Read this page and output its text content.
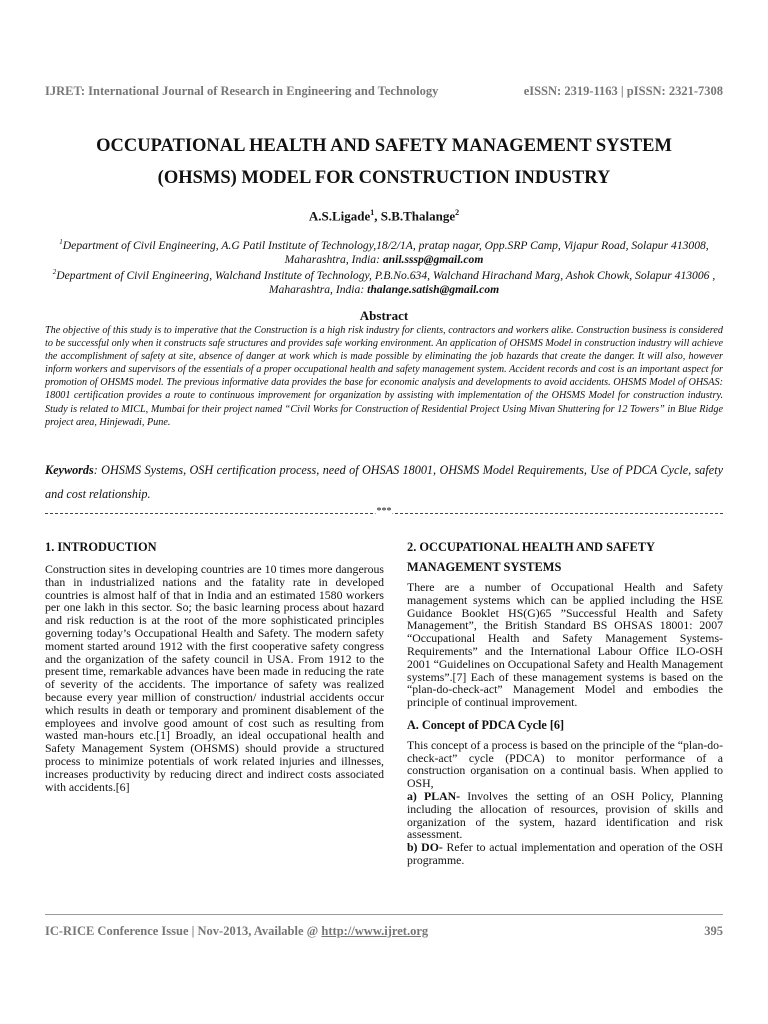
IJRET: International Journal of Research in Engineering and Technology	eISSN: 2319-1163 | pISSN: 2321-7308
OCCUPATIONAL HEALTH AND SAFETY MANAGEMENT SYSTEM
(OHSMS) MODEL FOR CONSTRUCTION INDUSTRY
A.S.Ligade$^1$, S.B.Thalange$^2$
$^1$Department of Civil Engineering, A.G Patil Institute of Technology,18/2/1A, pratap nagar, Opp.SRP Camp, Vijapur Road, Solapur 413008, Maharashtra, India: anil.sssp@gmail.com
$^2$Department of Civil Engineering, Walchand Institute of Technology, P.B.No.634, Walchand Hirachand Marg, Ashok Chowk, Solapur 413006 , Maharashtra, India: thalange.satish@gmail.com
Abstract
The objective of this study is to imperative that the Construction is a high risk industry for clients, contractors and workers alike. Construction business is considered to be successful only when it constructs safe structures and provides safe working environment. An application of OHSMS Model in construction industry will achieve the accomplishment of safety at site, absence of danger at work which is made possible by eliminating the job hazards that create the danger. It will also, however inform workers and supervisors of the essentials of a proper occupational health and safety management system. Accident records and cost is an important aspect for promotion of OHSMS model. The previous informative data provides the base for economic analysis and developments to avoid accidents. OHSMS Model of OHSAS: 18001 certification provides a route to continuous improvement for organization by assisting with implementation of the OHSMS Model for construction industry. Study is related to MICL, Mumbai for their project named “Civil Works for Construction of Residential Project Using Mivan Shuttering for 12 Towers” in Blue Ridge project area, Hinjewadi, Pune.
Keywords: OHSMS Systems, OSH certification process, need of OHSAS 18001, OHSMS Model Requirements, Use of PDCA Cycle, safety and cost relationship.
***
1. INTRODUCTION

Construction sites in developing countries are 10 times more dangerous than in industrialized nations and the fatality rate in developed countries is almost half of that in India and an estimated 1580 workers per one lakh in this sector. So; the basic learning process about hazard and risk reduction is at the root of the more sophisticated principles governing today’s Occupational Health and Safety. The modern safety moment started around 1912 with the first cooperative safety congress and the organization of the safety council in USA. From 1912 to the present time, remarkable advances have been made in reducing the rate of severity of the accidents. The importance of safety was realized because every year million of construction/ industrial accidents occur which results in death or temporary and prominent disablement of the employees and involve good amount of cost such as resulting from wasted man-hours etc.[1] Broadly, an ideal occupational health and Safety Management System (OHSMS) should provide a structured process to minimize potentials of work related injuries and illnesses, increases productivity by reducing direct and indirect costs associated with accidents.[6]

2. OCCUPATIONAL HEALTH AND SAFETY
MANAGEMENT SYSTEMS

There are a number of Occupational Health and Safety management systems which can be applied including the HSE Guidance Booklet HS(G)65 ”Successful Health and Safety Management”, the British Standard BS OHSAS 18001: 2007 “Occupational Health and Safety Management Systems-Requirements” and the International Labour Office ILO-OSH 2001 “Guidelines on Occupational Safety and Health Management systems”.[7] Each of these management systems is based on the “plan-do-check-act” Management Model and embodies the principle of continual improvement.

A. Concept of PDCA Cycle [6]

This concept of a process is based on the principle of the “plan-do-check-act” cycle (PDCA) to monitor performance of a construction organisation on a continual basis. When applied to OSH,

a) PLAN- Involves the setting of an OSH Policy, Planning including the allocation of resources, provision of skills and organization of the system, hazard identification and risk assessment.

b) DO- Refer to actual implementation and operation of the OSH programme.

IC-RICE Conference Issue | Nov-2013, Available @ http://www.ijret.org	395
